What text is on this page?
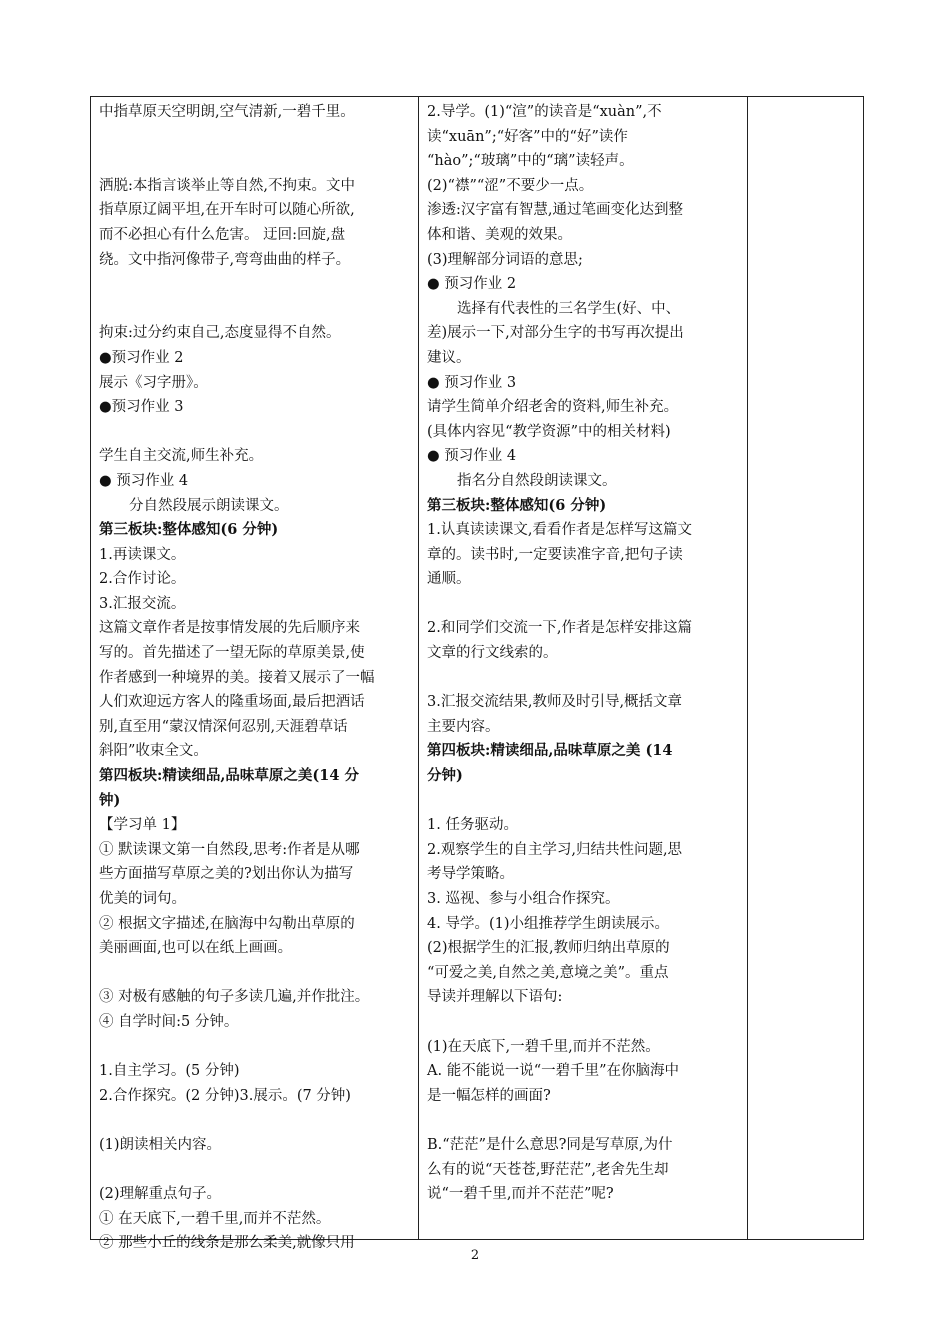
中指草原天空明朗,空气清新,一碧千里。
洒脱:本指言谈举止等自然,不拘束。文中
指草原辽阔平坦,在开车时可以随心所欲,
而不必担心有什么危害。 迂回:回旋,盘
绕。文中指河像带子,弯弯曲曲的样子。
拘束:过分约束自己,态度显得不自然。
●预习作业 2
展示《习字册》。
●预习作业 3
学生自主交流,师生补充。
● 预习作业 4
分自然段展示朗读课文。
第三板块:整体感知(6 分钟)
1.再读课文。
2.合作讨论。
3.汇报交流。
这篇文章作者是按事情发展的先后顺序来
写的。首先描述了一望无际的草原美景,使
作者感到一种境界的美。接着又展示了一幅
人们欢迎远方客人的隆重场面,最后把酒话
别,直至用“蒙汉情深何忍别,天涯碧草话
斜阳”收束全文。
第四板块:精读细品,品味草原之美(14 分
钟)
【学习单 1】
① 默读课文第一自然段,思考:作者是从哪
些方面描写草原之美的?划出你认为描写
优美的词句。
② 根据文字描述,在脑海中勾勒出草原的
美丽画面,也可以在纸上画画。
③ 对极有感触的句子多读几遍,并作批注。
④ 自学时间:5 分钟。
1.自主学习。(5 分钟)
2.合作探究。(2 分钟)3.展示。(7 分钟)
(1)朗读相关内容。
(2)理解重点句子。
① 在天底下,一碧千里,而并不茫然。
② 那些小丘的线条是那么柔美,就像只用

2.导学。(1)“渲”的读音是“xuàn”,不
读“xuān”;“好客”中的“好”读作
“hào”;“玻璃”中的“璃”读轻声。
(2)“襟”“涩”不要少一点。
渗透:汉字富有智慧,通过笔画变化达到整
体和谐、美观的效果。
(3)理解部分词语的意思;
● 预习作业 2
选择有代表性的三名学生(好、中、
差)展示一下,对部分生字的书写再次提出
建议。
● 预习作业 3
请学生简单介绍老舍的资料,师生补充。
(具体内容见“教学资源”中的相关材料)
● 预习作业 4
指名分自然段朗读课文。
第三板块:整体感知(6 分钟)
1.认真读读课文,看看作者是怎样写这篇文
章的。读书时,一定要读准字音,把句子读
通顺。
2.和同学们交流一下,作者是怎样安排这篇
文章的行文线索的。
3.汇报交流结果,教师及时引导,概括文章
主要内容。
第四板块:精读细品,品味草原之美 (14
分钟)
1. 任务驱动。
2.观察学生的自主学习,归结共性问题,思
考导学策略。
3. 巡视、参与小组合作探究。
4. 导学。(1)小组推荐学生朗读展示。
(2)根据学生的汇报,教师归纳出草原的
“可爱之美,自然之美,意境之美”。重点
导读并理解以下语句:
(1)在天底下,一碧千里,而并不茫然。
A. 能不能说一说“一碧千里”在你脑海中
是一幅怎样的画面?
B.“茫茫”是什么意思?同是写草原,为什
么有的说“天苍苍,野茫茫”,老舍先生却
说“一碧千里,而并不茫茫”呢?

2
